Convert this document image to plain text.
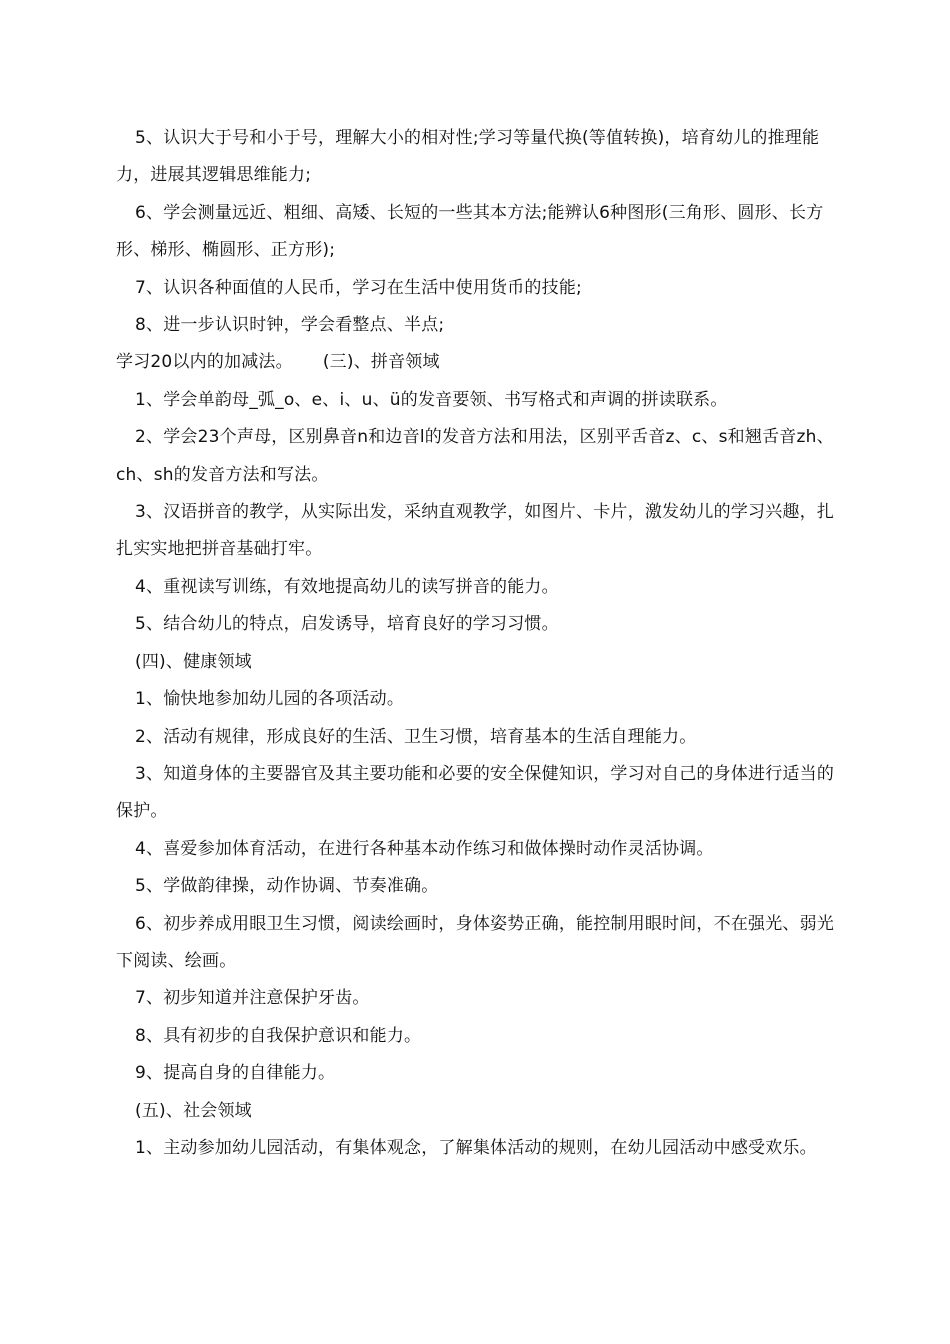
5、认识大于号和小于号，理解大小的相对性;学习等量代换(等值转换)，培育幼儿的推理能力，进展其逻辑思维能力;

6、学会测量远近、粗细、高矮、长短的一些其本方法;能辨认6种图形(三角形、圆形、长方形、梯形、椭圆形、正方形);

7、认识各种面值的人民币，学习在生活中使用货币的技能;

8、进一步认识时钟，学会看整点、半点;

学习20以内的加减法。 (三)、拼音领域

1、学会单韵母_弧_o、e、i、u、ü的发音要领、书写格式和声调的拼读联系。

2、学会23个声母，区别鼻音n和边音l的发音方法和用法，区别平舌音z、c、s和翘舌音zh、ch、sh的发音方法和写法。

3、汉语拼音的教学，从实际出发，采纳直观教学，如图片、卡片，激发幼儿的学习兴趣，扎扎实实地把拼音基础打牢。

4、重视读写训练，有效地提高幼儿的读写拼音的能力。

5、结合幼儿的特点，启发诱导，培育良好的学习习惯。

(四)、健康领域

1、愉快地参加幼儿园的各项活动。

2、活动有规律，形成良好的生活、卫生习惯，培育基本的生活自理能力。

3、知道身体的主要器官及其主要功能和必要的安全保健知识，学习对自己的身体进行适当的保护。

4、喜爱参加体育活动，在进行各种基本动作练习和做体操时动作灵活协调。

5、学做韵律操，动作协调、节奏准确。

6、初步养成用眼卫生习惯，阅读绘画时，身体姿势正确，能控制用眼时间，不在强光、弱光下阅读、绘画。

7、初步知道并注意保护牙齿。

8、具有初步的自我保护意识和能力。

9、提高自身的自律能力。

(五)、社会领域

1、主动参加幼儿园活动，有集体观念，了解集体活动的规则，在幼儿园活动中感受欢乐。
